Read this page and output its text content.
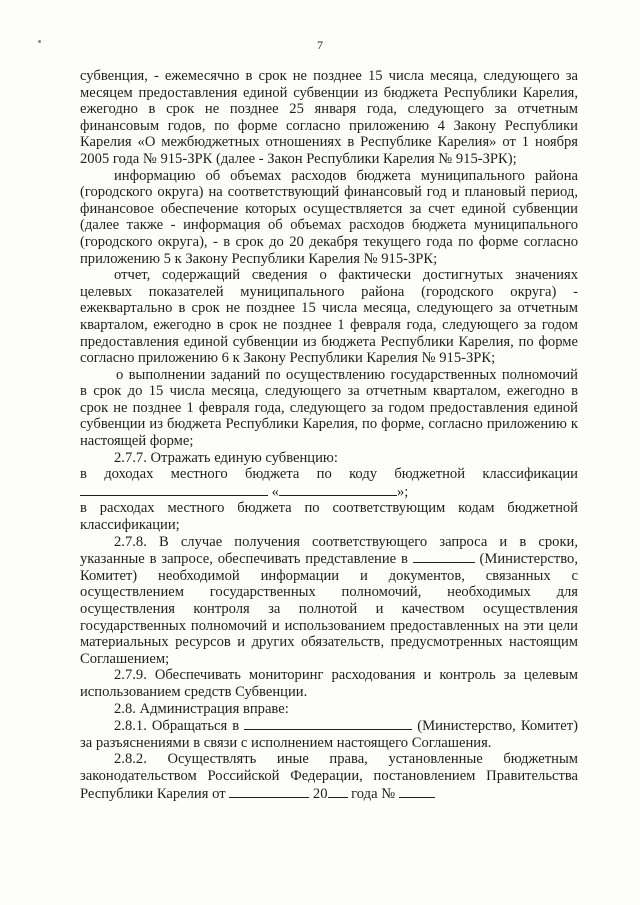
7

субвенция, - ежемесячно в срок не позднее 15 числа месяца, следующего за месяцем предоставления единой субвенции из бюджета Республики Карелия, ежегодно в срок не позднее 25 января года, следующего за отчетным финансовым годов, по форме согласно приложению 4 Закону Республики Карелия «О межбюджетных отношениях в Республике Карелия» от 1 ноября 2005 года № 915-ЗРК (далее - Закон Республики Карелия № 915-ЗРК);

информацию об объемах расходов бюджета муниципального района (городского округа) на соответствующий финансовый год и плановый период, финансовое обеспечение которых осуществляется за счет единой субвенции (далее также - информация об объемах расходов бюджета муниципального (городского округа), - в срок до 20 декабря текущего года по форме согласно приложению 5 к Закону Республики Карелия № 915-ЗРК;

отчет, содержащий сведения о фактически достигнутых значениях целевых показателей муниципального района (городского округа) - ежеквартально в срок не позднее 15 числа месяца, следующего за отчетным кварталом, ежегодно в срок не позднее 1 февраля года, следующего за годом предоставления единой субвенции из бюджета Республики Карелия, по форме согласно приложению 6 к Закону Республики Карелия № 915-ЗРК;

о выполнении заданий по осуществлению государственных полномочий в срок до 15 числа месяца, следующего за отчетным кварталом, ежегодно в срок не позднее 1 февраля года, следующего за годом предоставления единой субвенции из бюджета Республики Карелия, по форме, согласно приложению к настоящей форме;

2.7.7. Отражать единую субвенцию:

в доходах местного бюджета по коду бюджетной классификации  «	»;

в расходах местного бюджета по соответствующим кодам бюджетной классификации;

2.7.8. В случае получения соответствующего запроса и в сроки, указанные в запросе, обеспечивать представление в	(Министерство, Комитет) необходимой информации и документов, связанных с осуществлением государственных полномочий, необходимых для осуществления контроля за полнотой и качеством осуществления государственных полномочий и использованием предоставленных на эти цели материальных ресурсов и других обязательств, предусмотренных настоящим Соглашением;

2.7.9. Обеспечивать мониторинг расходования и контроль за целевым использованием средств Субвенции.

2.8. Администрация вправе:

2.8.1. Обращаться в	(Министерство, Комитет) за разъяснениями в связи с исполнением настоящего Соглашения.

2.8.2. Осуществлять иные права, установленные бюджетным законодательством Российской Федерации, постановлением Правительства Республики Карелия от	20 года №
